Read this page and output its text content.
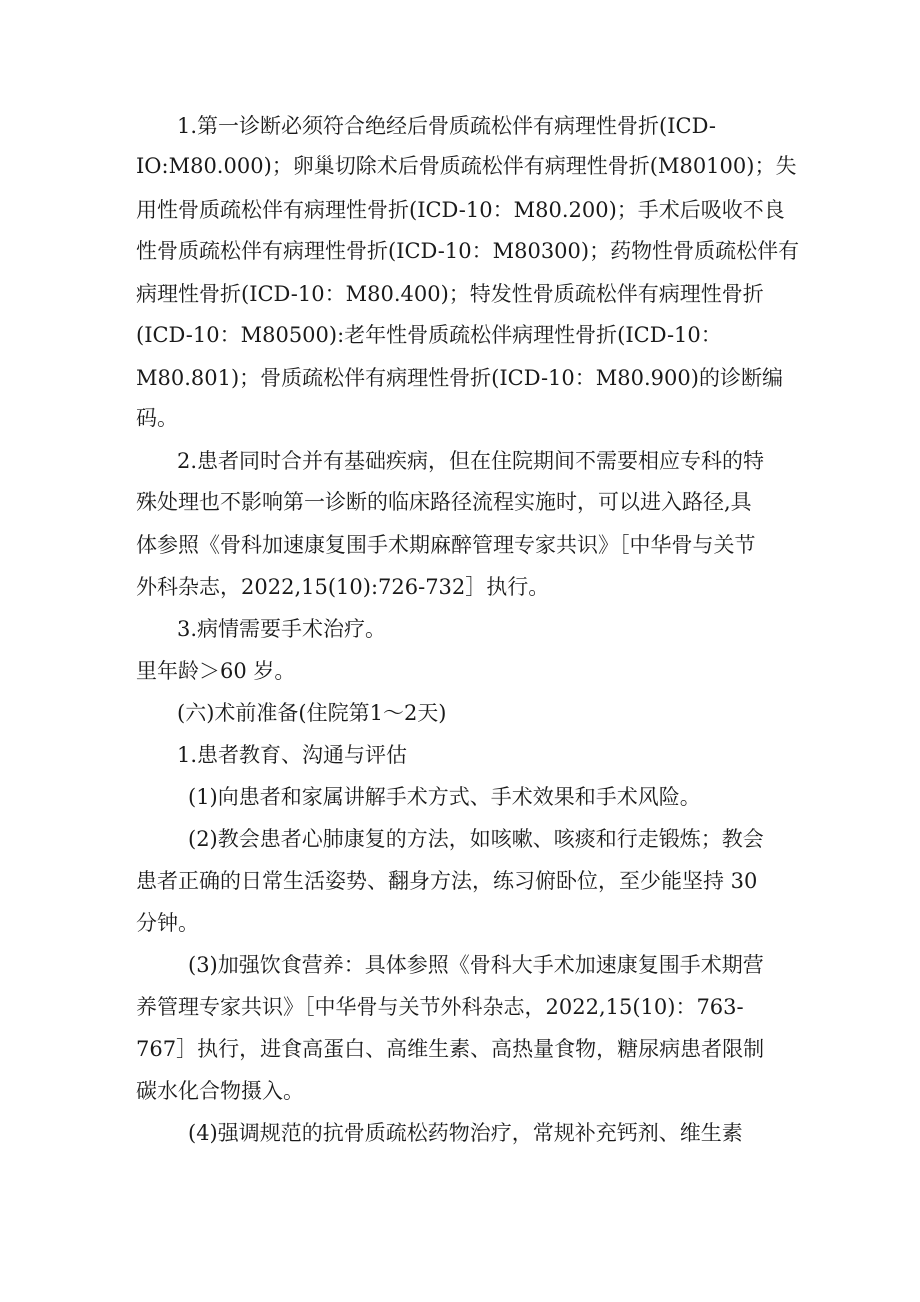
1.第一诊断必须符合绝经后骨质疏松伴有病理性骨折(ICD-
IO:M80.000)；卵巢切除术后骨质疏松伴有病理性骨折(M80100)；失
用性骨质疏松伴有病理性骨折(ICD-10：M80.200)；手术后吸收不良
性骨质疏松伴有病理性骨折(ICD-10：M80300)；药物性骨质疏松伴有
病理性骨折(ICD-10：M80.400)；特发性骨质疏松伴有病理性骨折
(ICD-10：M80500):老年性骨质疏松伴病理性骨折(ICD-10：
M80.801)；骨质疏松伴有病理性骨折(ICD-10：M80.900)的诊断编
码。
2.患者同时合并有基础疾病，但在住院期间不需要相应专科的特
殊处理也不影响第一诊断的临床路径流程实施时，可以进入路径,具
体参照《骨科加速康复围手术期麻醉管理专家共识》［中华骨与关节
外科杂志，2022,15(10):726-732］执行。
3.病情需要手术治疗。
里年龄＞60 岁。
(六)术前准备(住院第1〜2天)
1.患者教育、沟通与评估
(1)向患者和家属讲解手术方式、手术效果和手术风险。
(2)教会患者心肺康复的方法，如咳嗽、咳痰和行走锻炼；教会
患者正确的日常生活姿势、翻身方法，练习俯卧位，至少能坚持 30
分钟。
(3)加强饮食营养：具体参照《骨科大手术加速康复围手术期营
养管理专家共识》［中华骨与关节外科杂志，2022,15(10)：763-
767］执行，进食高蛋白、高维生素、高热量食物，糖尿病患者限制
碳水化合物摄入。
(4)强调规范的抗骨质疏松药物治疗，常规补充钙剂、维生素
